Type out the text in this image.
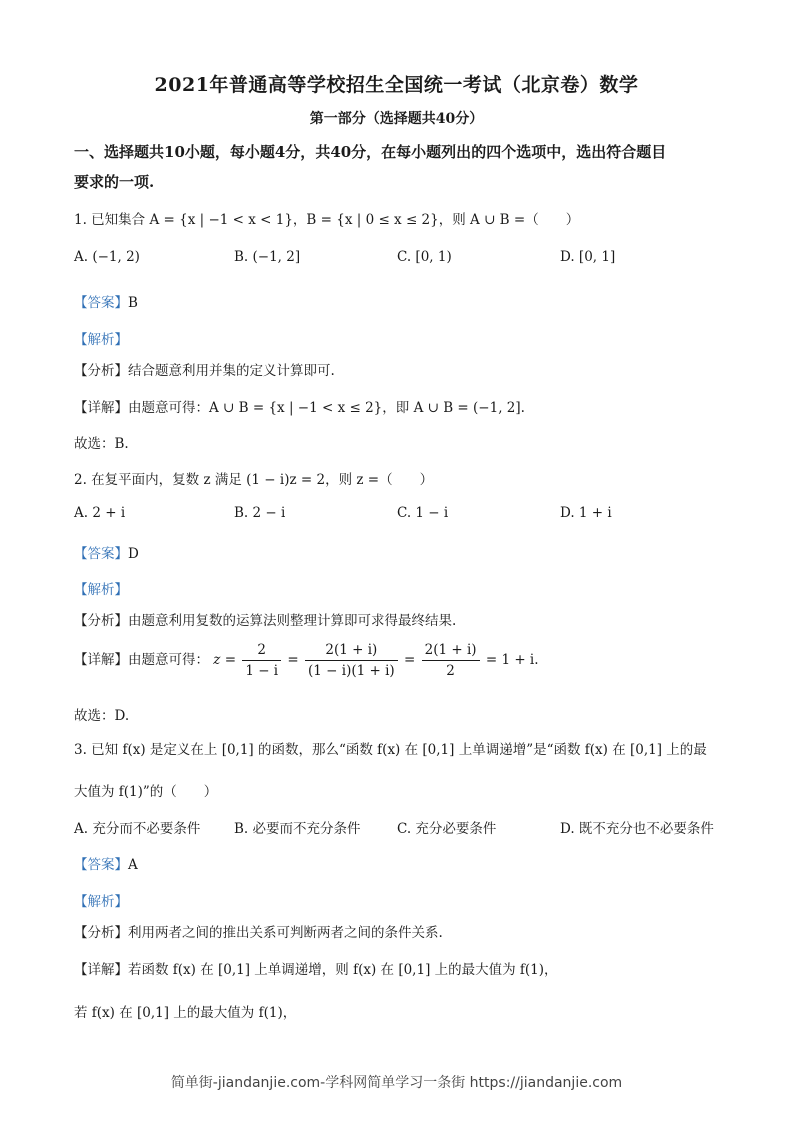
2021年普通高等学校招生全国统一考试（北京卷）数学
第一部分（选择题共40分）
一、选择题共10小题，每小题4分，共40分，在每小题列出的四个选项中，选出符合题目
要求的一项.
1. 已知集合 A = {x | −1 < x < 1}，B = {x | 0 ≤ x ≤ 2}，则 A ∪ B =（　　）
A. (−1, 2)	B. (−1, 2]	C. [0, 1)	D. [0, 1]
【答案】B
【解析】
【分析】结合题意利用并集的定义计算即可.
【详解】由题意可得：A ∪ B = {x | −1 < x ≤ 2}，即 A ∪ B = (−1, 2].
故选：B.
2. 在复平面内，复数 z 满足 (1 − i)z = 2，则 z =（　　）
A. 2 + i	B. 2 − i	C. 1 − i	D. 1 + i
【答案】D
【解析】
【分析】由题意利用复数的运算法则整理计算即可求得最终结果.
【详解】由题意可得： $z = \frac{2}{1 - i} = \frac{2(1 + i)}{(1 - i)(1 + i)} = \frac{2(1 + i)}{2} = 1 + i$.
故选：D.
3. 已知 f(x) 是定义在上 [0,1] 的函数，那么“函数 f(x) 在 [0,1] 上单调递增”是“函数 f(x) 在 [0,1] 上的最
大值为 f(1)”的（　　）
A. 充分而不必要条件 B. 必要而不充分条件	C. 充分必要条件	D. 既不充分也不必要条件
【答案】A
【解析】
【分析】利用两者之间的推出关系可判断两者之间的条件关系.
【详解】若函数 f(x) 在 [0,1] 上单调递增，则 f(x) 在 [0,1] 上的最大值为 f(1)，
若 f(x) 在 [0,1] 上的最大值为 f(1)，
简单街-jiandanjie.com-学科网简单学习一条街 https://jiandanjie.com
